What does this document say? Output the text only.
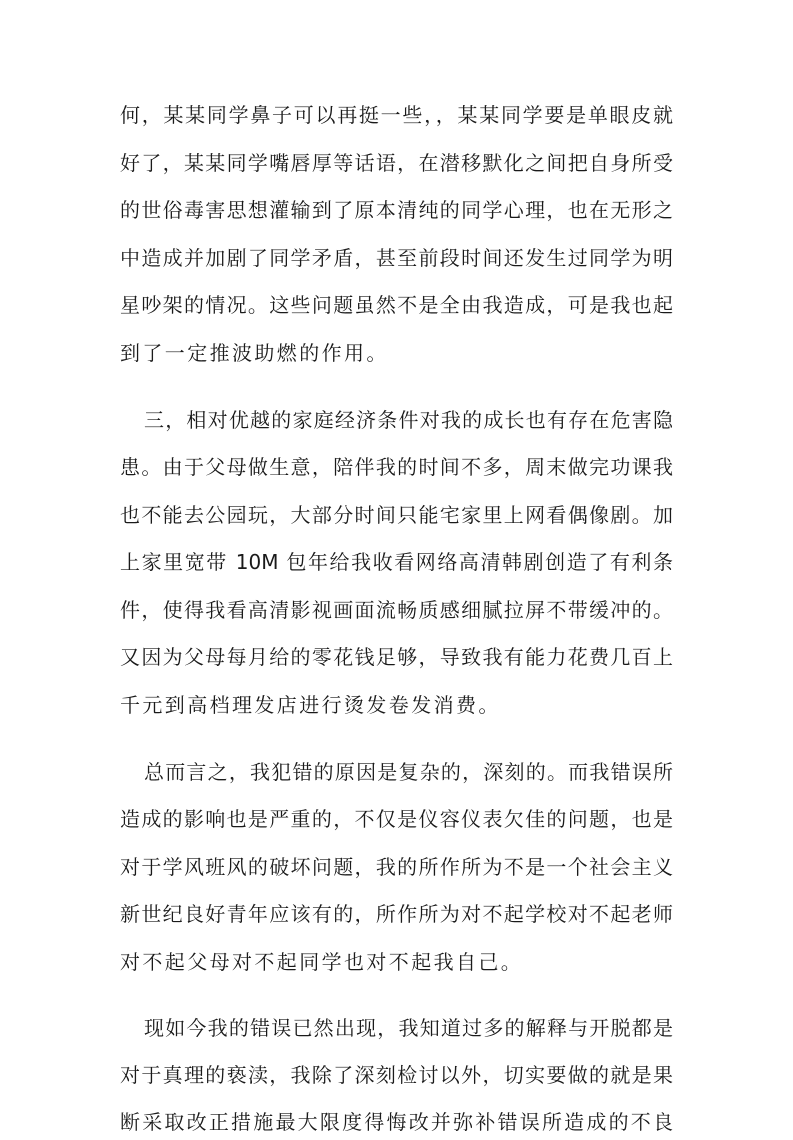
何，某某同学鼻子可以再挺一些，，某某同学要是单眼皮就
好了，某某同学嘴唇厚等话语，在潜移默化之间把自身所受
的世俗毒害思想灌输到了原本清纯的同学心理，也在无形之
中造成并加剧了同学矛盾，甚至前段时间还发生过同学为明
星吵架的情况。这些问题虽然不是全由我造成，可是我也起
到了一定推波助燃的作用。
三，相对优越的家庭经济条件对我的成长也有存在危害隐
患。由于父母做生意，陪伴我的时间不多，周末做完功课我
也不能去公园玩，大部分时间只能宅家里上网看偶像剧。加
上家里宽带 10M 包年给我收看网络高清韩剧创造了有利条
件，使得我看高清影视画面流畅质感细腻拉屏不带缓冲的。
又因为父母每月给的零花钱足够，导致我有能力花费几百上
千元到高档理发店进行烫发卷发消费。
总而言之，我犯错的原因是复杂的，深刻的。而我错误所
造成的影响也是严重的，不仅是仪容仪表欠佳的问题，也是
对于学风班风的破坏问题，我的所作所为不是一个社会主义
新世纪良好青年应该有的，所作所为对不起学校对不起老师
对不起父母对不起同学也对不起我自己。
现如今我的错误已然出现，我知道过多的解释与开脱都是
对于真理的亵渎，我除了深刻检讨以外，切实要做的就是果
断采取改正措施最大限度得悔改并弥补错误所造成的不良
